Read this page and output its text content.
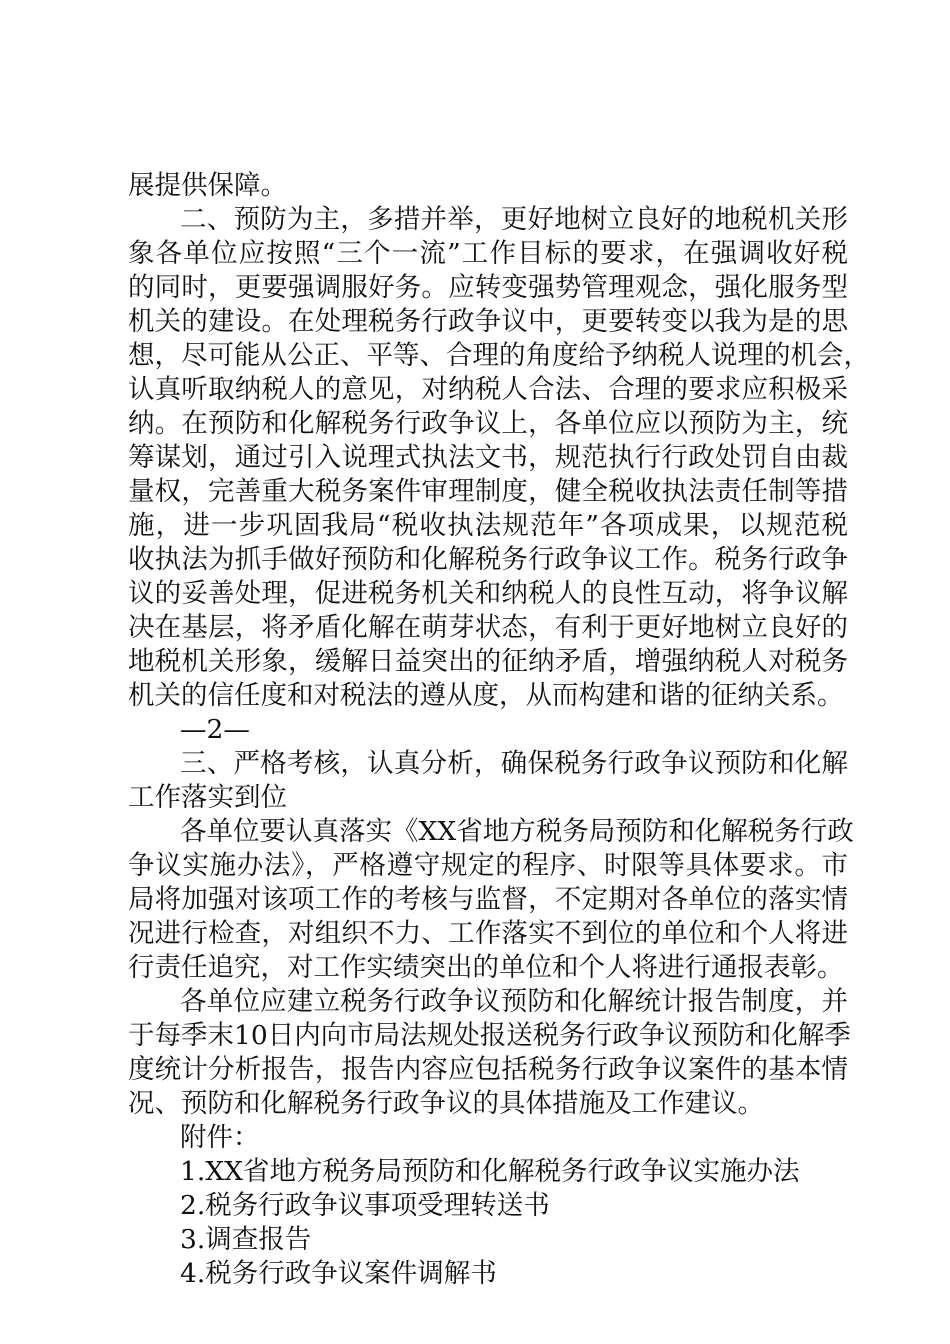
展提供保障。
二、预防为主，多措并举，更好地树立良好的地税机关形
象各单位应按照“三个一流”工作目标的要求，在强调收好税
的同时，更要强调服好务。应转变强势管理观念，强化服务型
机关的建设。在处理税务行政争议中，更要转变以我为是的思
想，尽可能从公正、平等、合理的角度给予纳税人说理的机会，
认真听取纳税人的意见，对纳税人合法、合理的要求应积极采
纳。在预防和化解税务行政争议上，各单位应以预防为主，统
筹谋划，通过引入说理式执法文书，规范执行行政处罚自由裁
量权，完善重大税务案件审理制度，健全税收执法责任制等措
施，进一步巩固我局“税收执法规范年”各项成果，以规范税
收执法为抓手做好预防和化解税务行政争议工作。税务行政争
议的妥善处理，促进税务机关和纳税人的良性互动，将争议解
决在基层，将矛盾化解在萌芽状态，有利于更好地树立良好的
地税机关形象，缓解日益突出的征纳矛盾，增强纳税人对税务
机关的信任度和对税法的遵从度，从而构建和谐的征纳关系。
—2—
三、严格考核，认真分析，确保税务行政争议预防和化解
工作落实到位
各单位要认真落实《XX省地方税务局预防和化解税务行政
争议实施办法》，严格遵守规定的程序、时限等具体要求。市
局将加强对该项工作的考核与监督，不定期对各单位的落实情
况进行检查，对组织不力、工作落实不到位的单位和个人将进
行责任追究，对工作实绩突出的单位和个人将进行通报表彰。
各单位应建立税务行政争议预防和化解统计报告制度，并
于每季末10日内向市局法规处报送税务行政争议预防和化解季
度统计分析报告，报告内容应包括税务行政争议案件的基本情
况、预防和化解税务行政争议的具体措施及工作建议。
附件：
1.XX省地方税务局预防和化解税务行政争议实施办法
2.税务行政争议事项受理转送书
3.调查报告
4.税务行政争议案件调解书
